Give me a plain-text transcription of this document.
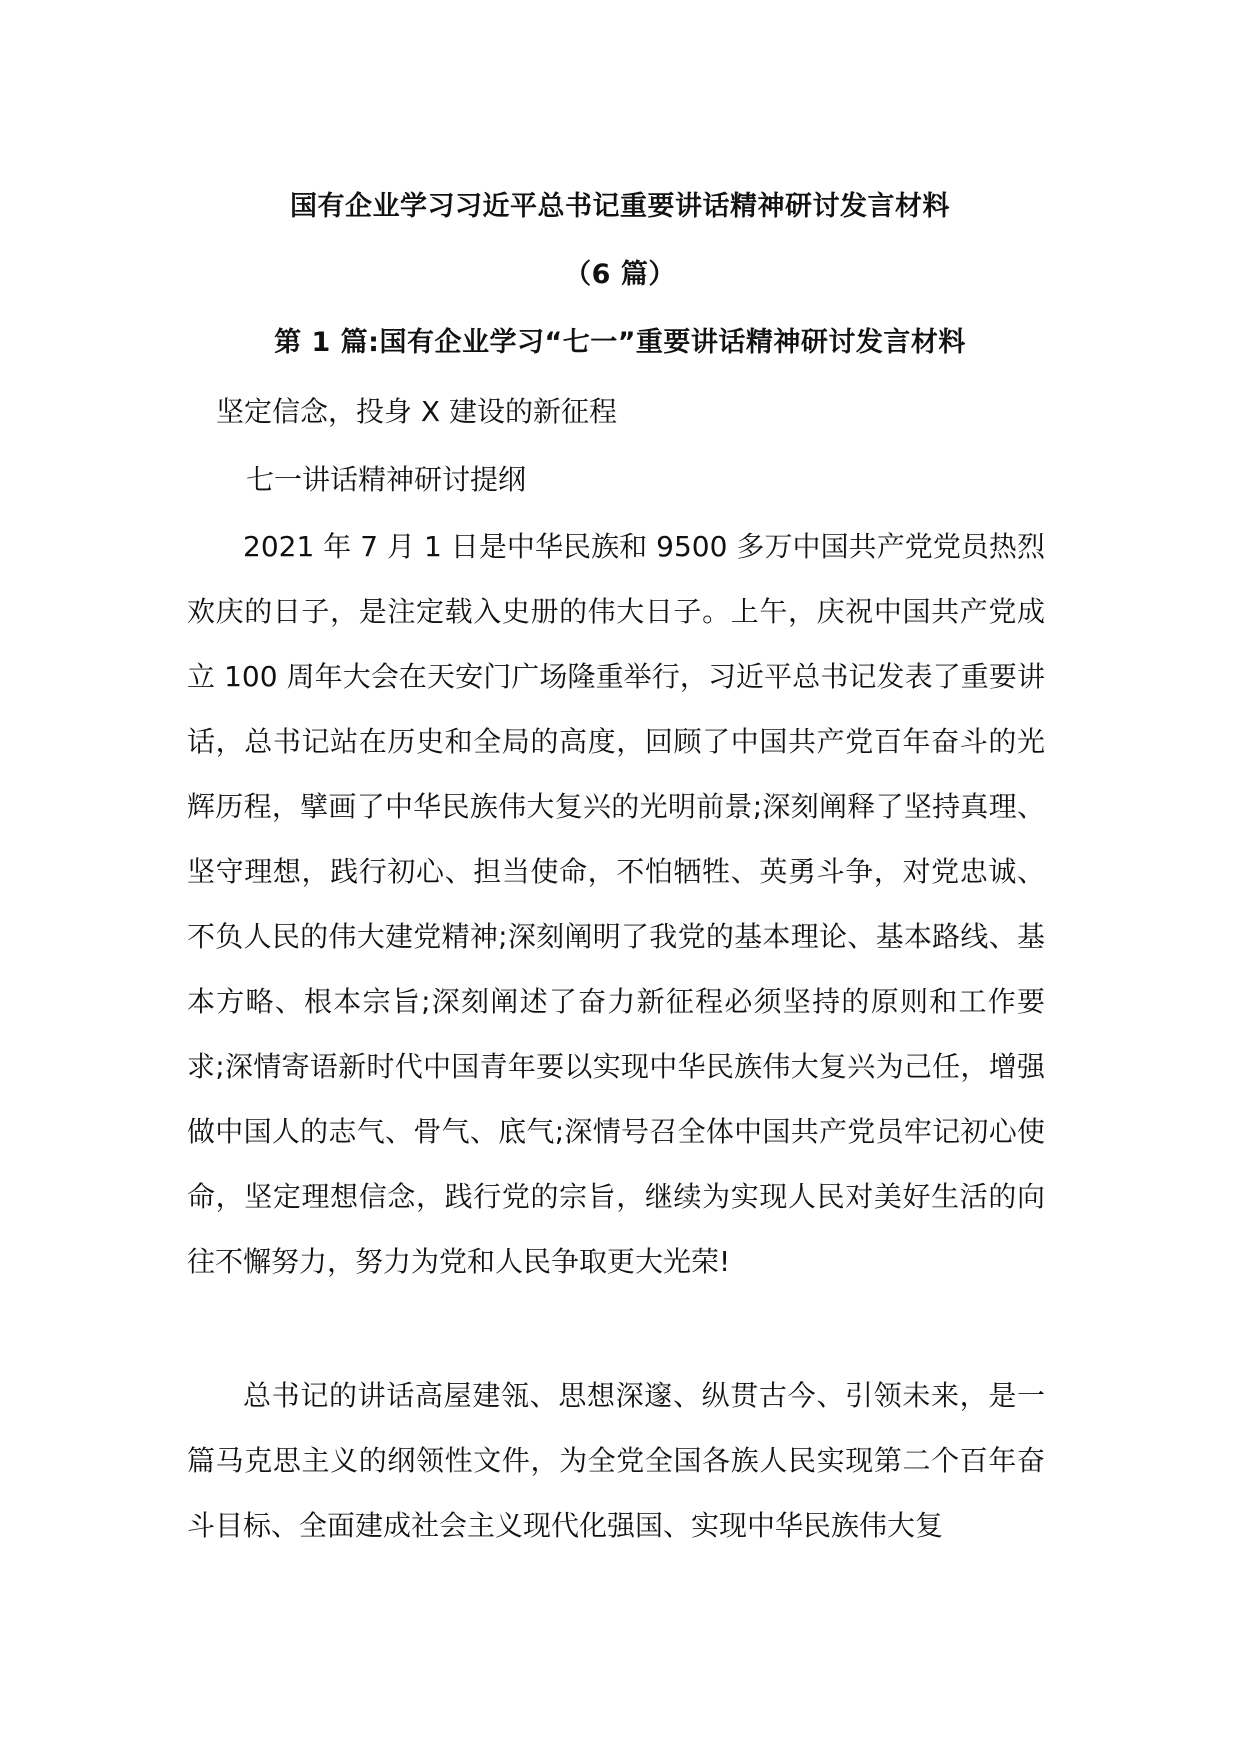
国有企业学习习近平总书记重要讲话精神研讨发言材料
（6 篇）
第 1 篇:国有企业学习“七一”重要讲话精神研讨发言材料
坚定信念，投身 X 建设的新征程
七一讲话精神研讨提纲

2021 年 7 月 1 日是中华民族和 9500 多万中国共产党党员热烈欢庆的日子，是注定载入史册的伟大日子。上午，庆祝中国共产党成立 100 周年大会在天安门广场隆重举行，习近平总书记发表了重要讲话，总书记站在历史和全局的高度，回顾了中国共产党百年奋斗的光辉历程，擘画了中华民族伟大复兴的光明前景;深刻阐释了坚持真理、坚守理想，践行初心、担当使命，不怕牺牲、英勇斗争，对党忠诚、不负人民的伟大建党精神;深刻阐明了我党的基本理论、基本路线、基本方略、根本宗旨;深刻阐述了奋力新征程必须坚持的原则和工作要求;深情寄语新时代中国青年要以实现中华民族伟大复兴为己任，增强做中国人的志气、骨气、底气;深情号召全体中国共产党员牢记初心使命，坚定理想信念，践行党的宗旨，继续为实现人民对美好生活的向往不懈努力，努力为党和人民争取更大光荣!

总书记的讲话高屋建瓴、思想深邃、纵贯古今、引领未来，是一篇马克思主义的纲领性文件，为全党全国各族人民实现第二个百年奋斗目标、全面建成社会主义现代化强国、实现中华民族伟大复
